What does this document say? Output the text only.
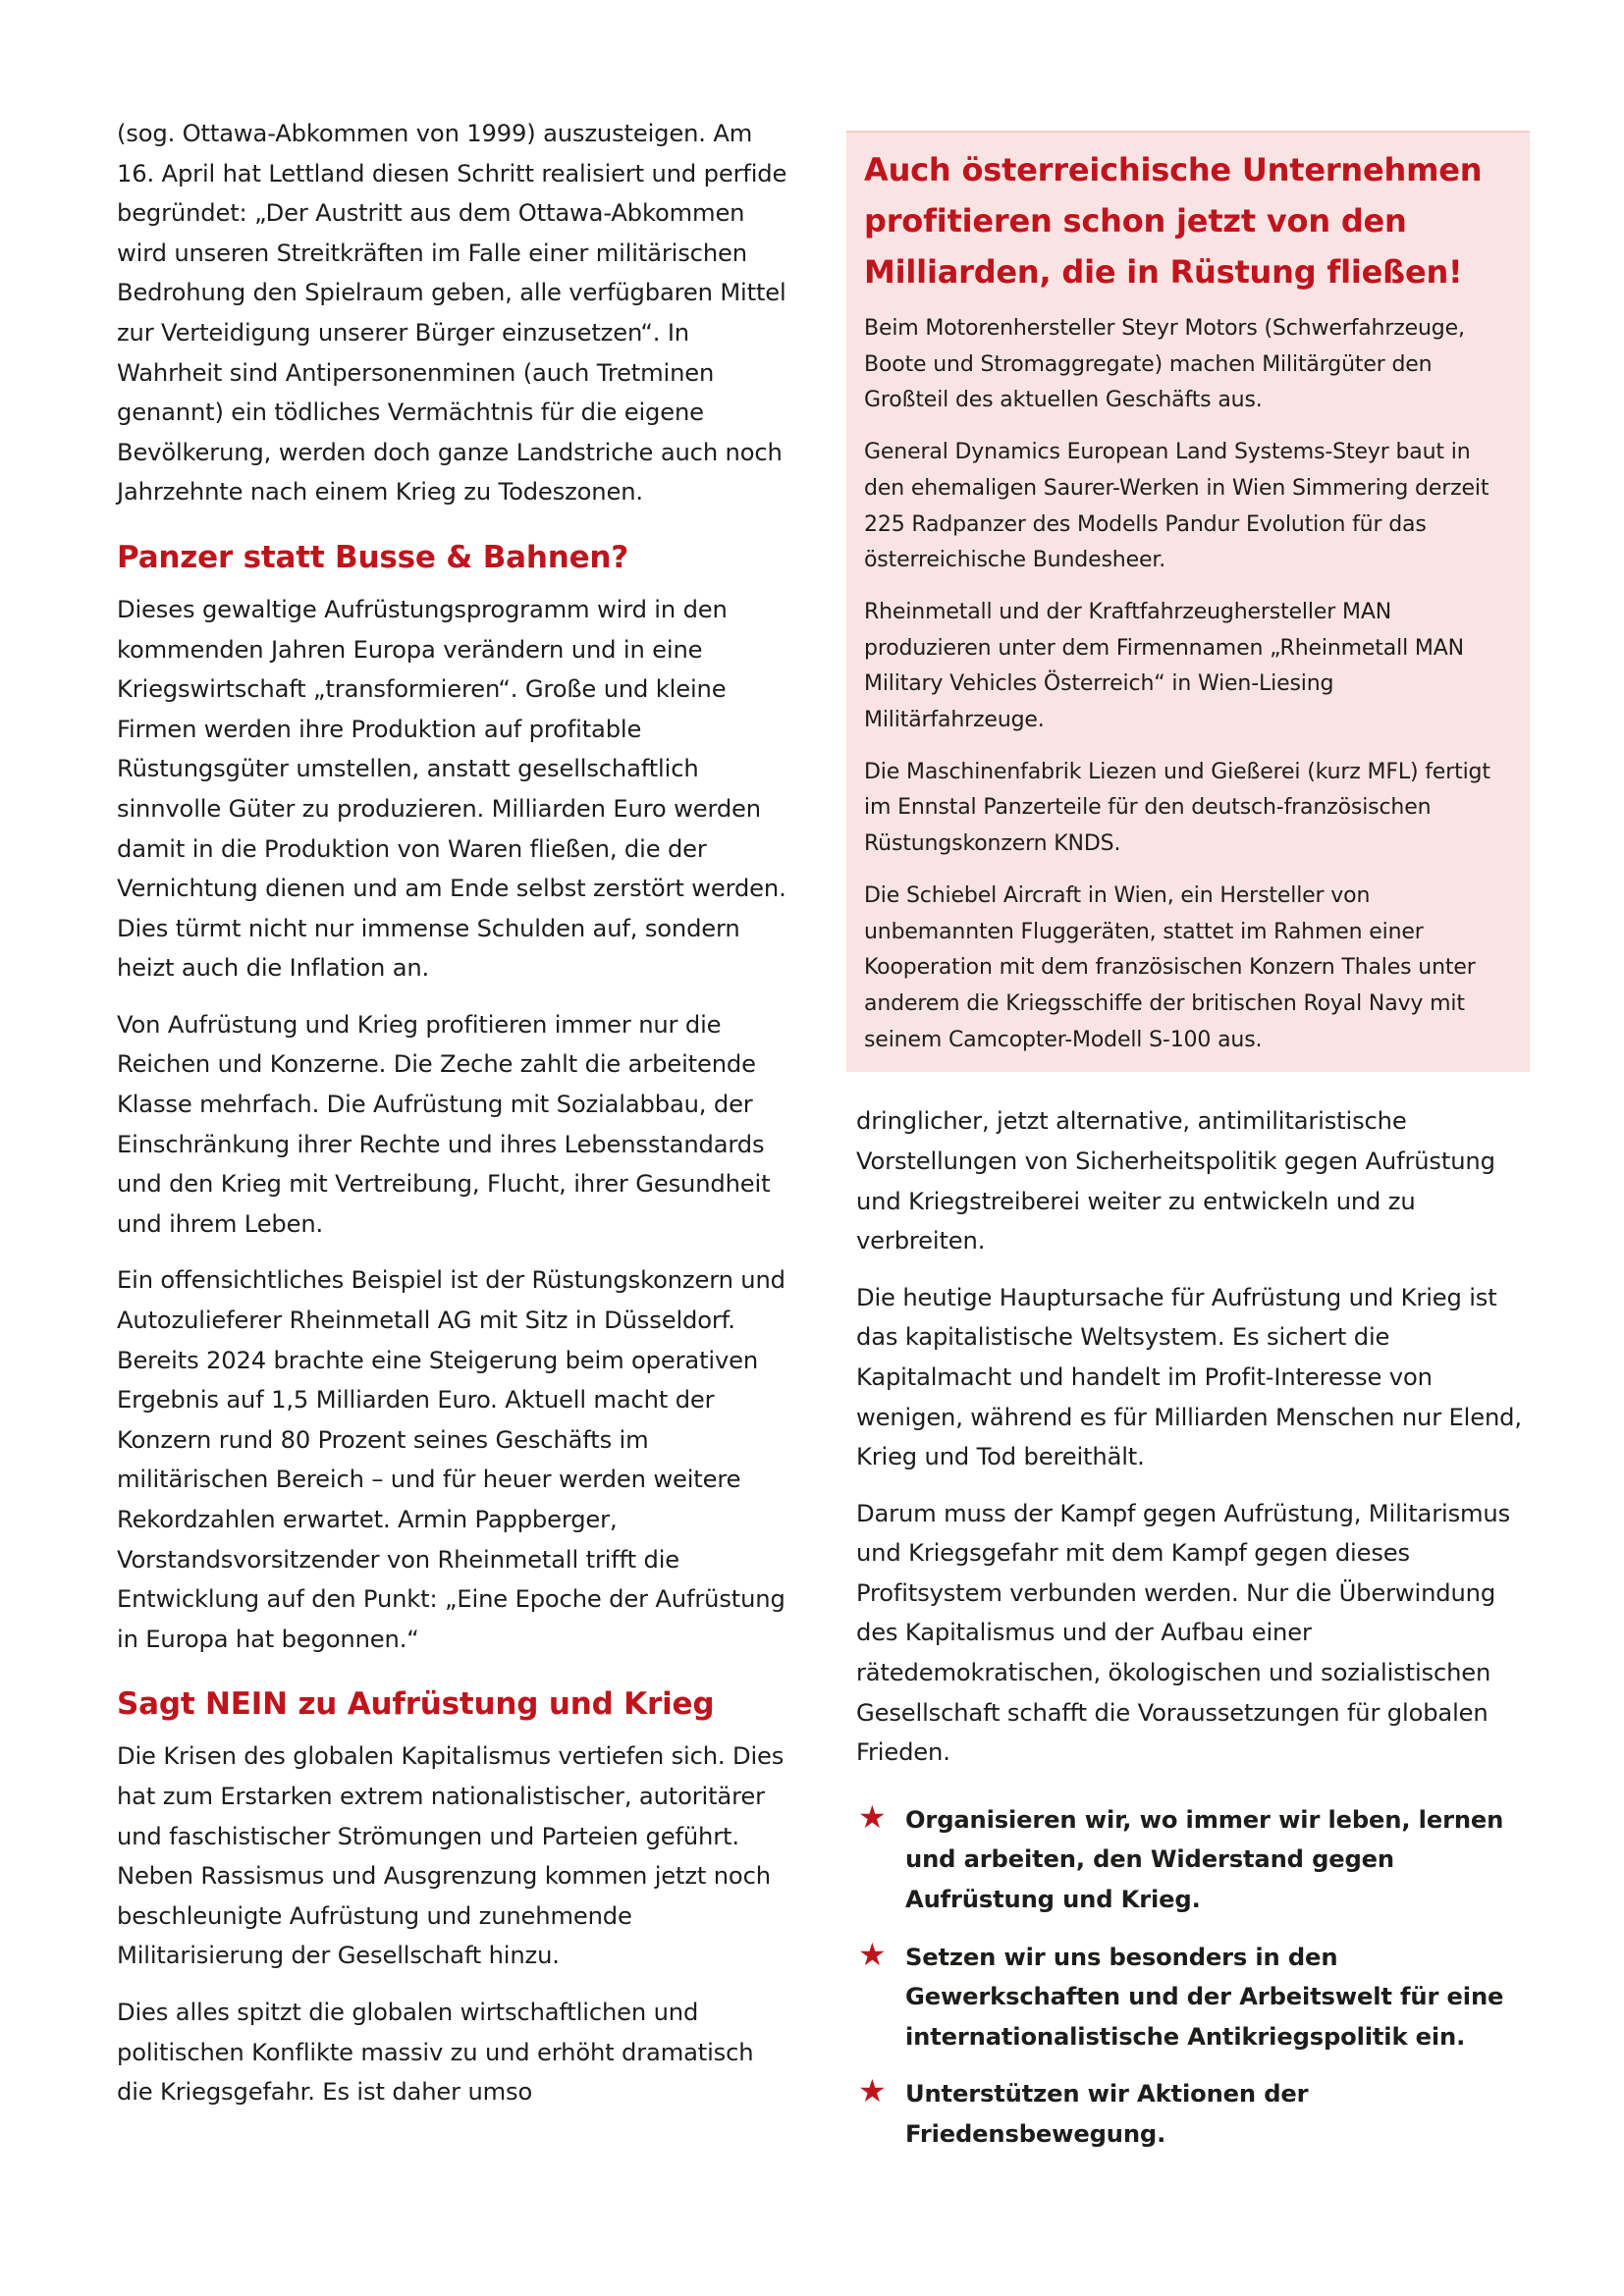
(sog. Ottawa-Abkommen von 1999) auszusteigen. Am 16. April hat Lettland diesen Schritt realisiert und perfide begründet: „Der Austritt aus dem Ottawa-Abkommen wird unseren Streitkräften im Falle einer militärischen Bedrohung den Spielraum geben, alle verfügbaren Mittel zur Verteidigung unserer Bürger einzusetzen“. In Wahrheit sind Antipersonenminen (auch Tretminen genannt) ein tödliches Vermächtnis für die eigene Bevölkerung, werden doch ganze Landstriche auch noch Jahrzehnte nach einem Krieg zu Todeszonen.

Panzer statt Busse & Bahnen?

Dieses gewaltige Aufrüstungsprogramm wird in den kommenden Jahren Europa verändern und in eine Kriegswirtschaft „transformieren“. Große und kleine Firmen werden ihre Produktion auf profitable Rüstungsgüter umstellen, anstatt gesellschaftlich sinnvolle Güter zu produzieren. Milliarden Euro werden damit in die Produktion von Waren fließen, die der Vernichtung dienen und am Ende selbst zerstört werden. Dies türmt nicht nur immense Schulden auf, sondern heizt auch die Inflation an.

Von Aufrüstung und Krieg profitieren immer nur die Reichen und Konzerne. Die Zeche zahlt die arbeitende Klasse mehrfach. Die Aufrüstung mit Sozialabbau, der Einschränkung ihrer Rechte und ihres Lebensstandards und den Krieg mit Vertreibung, Flucht, ihrer Gesundheit und ihrem Leben.

Ein offensichtliches Beispiel ist der Rüstungskonzern und Autozulieferer Rheinmetall AG mit Sitz in Düsseldorf. Bereits 2024 brachte eine Steigerung beim operativen Ergebnis auf 1,5 Milliarden Euro. Aktuell macht der Konzern rund 80 Prozent seines Geschäfts im militärischen Bereich – und für heuer werden weitere Rekordzahlen erwartet. Armin Pappberger, Vorstandsvorsitzender von Rheinmetall trifft die Entwicklung auf den Punkt: „Eine Epoche der Aufrüstung in Europa hat begonnen.“

Sagt NEIN zu Aufrüstung und Krieg

Die Krisen des globalen Kapitalismus vertiefen sich. Dies hat zum Erstarken extrem nationalistischer, autoritärer und faschistischer Strömungen und Parteien geführt. Neben Rassismus und Ausgrenzung kommen jetzt noch beschleunigte Aufrüstung und zunehmende Militarisierung der Gesellschaft hinzu.

Dies alles spitzt die globalen wirtschaftlichen und politischen Konflikte massiv zu und erhöht dramatisch die Kriegsgefahr. Es ist daher umso

Auch österreichische Unternehmen profitieren schon jetzt von den Milliarden, die in Rüstung fließen!

Beim Motorenhersteller Steyr Motors (Schwerfahrzeuge, Boote und Stromaggregate) machen Militärgüter den Großteil des aktuellen Geschäfts aus.

General Dynamics European Land Systems-Steyr baut in den ehemaligen Saurer-Werken in Wien Simmering derzeit 225 Radpanzer des Modells Pandur Evolution für das österreichische Bundesheer.

Rheinmetall und der Kraftfahrzeughersteller MAN produzieren unter dem Firmennamen „Rheinmetall MAN Military Vehicles Österreich“ in Wien-Liesing Militärfahrzeuge.

Die Maschinenfabrik Liezen und Gießerei (kurz MFL) fertigt im Ennstal Panzerteile für den deutsch-französischen Rüstungskonzern KNDS.

Die Schiebel Aircraft in Wien, ein Hersteller von unbemannten Fluggeräten, stattet im Rahmen einer Kooperation mit dem französischen Konzern Thales unter anderem die Kriegsschiffe der britischen Royal Navy mit seinem Camcopter-Modell S-100 aus.

dringlicher, jetzt alternative, antimilitaristische Vorstellungen von Sicherheitspolitik gegen Aufrüstung und Kriegstreiberei weiter zu entwickeln und zu verbreiten.

Die heutige Hauptursache für Aufrüstung und Krieg ist das kapitalistische Weltsystem. Es sichert die Kapitalmacht und handelt im Profit-Interesse von wenigen, während es für Milliarden Menschen nur Elend, Krieg und Tod bereithält.

Darum muss der Kampf gegen Aufrüstung, Militarismus und Kriegsgefahr mit dem Kampf gegen dieses Profitsystem verbunden werden. Nur die Überwindung des Kapitalismus und der Aufbau einer rätedemokratischen, ökologischen und sozialistischen Gesellschaft schafft die Voraussetzungen für globalen Frieden.

★ Organisieren wir, wo immer wir leben, lernen und arbeiten, den Widerstand gegen Aufrüstung und Krieg.
★ Setzen wir uns besonders in den Gewerkschaften und der Arbeitswelt für eine internationalistische Antikriegspolitik ein.
★ Unterstützen wir Aktionen der Friedensbewegung.
